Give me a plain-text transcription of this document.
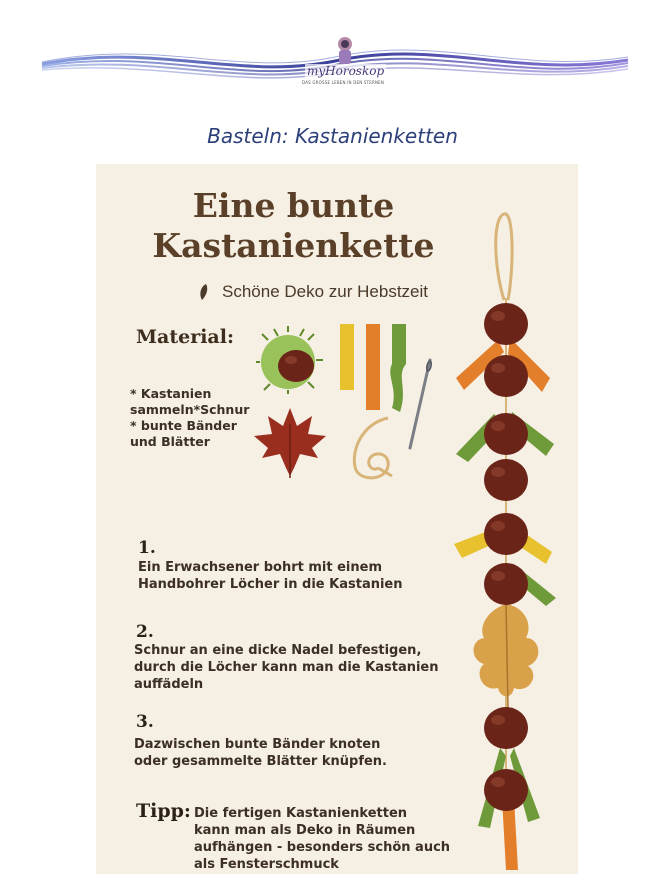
myHoroskop
DAS GROSSE LEBEN IN DEN STERNEN
Basteln: Kastanienketten
Eine bunte
Kastanienkette
Schöne Deko zur Hebstzeit
Material:
* Kastanien
sammeln*Schnur
* bunte Bänder
und Blätter
1.
Ein Erwachsener bohrt mit einem
Handbohrer Löcher in die Kastanien
2.
Schnur an eine dicke Nadel befestigen,
durch die Löcher kann man die Kastanien
auffädeln
3.
Dazwischen bunte Bänder knoten
oder gesammelte Blätter knüpfen.
Tipp: Die fertigen Kastanienketten
kann man als Deko in Räumen
aufhängen - besonders schön auch
als Fensterschmuck
